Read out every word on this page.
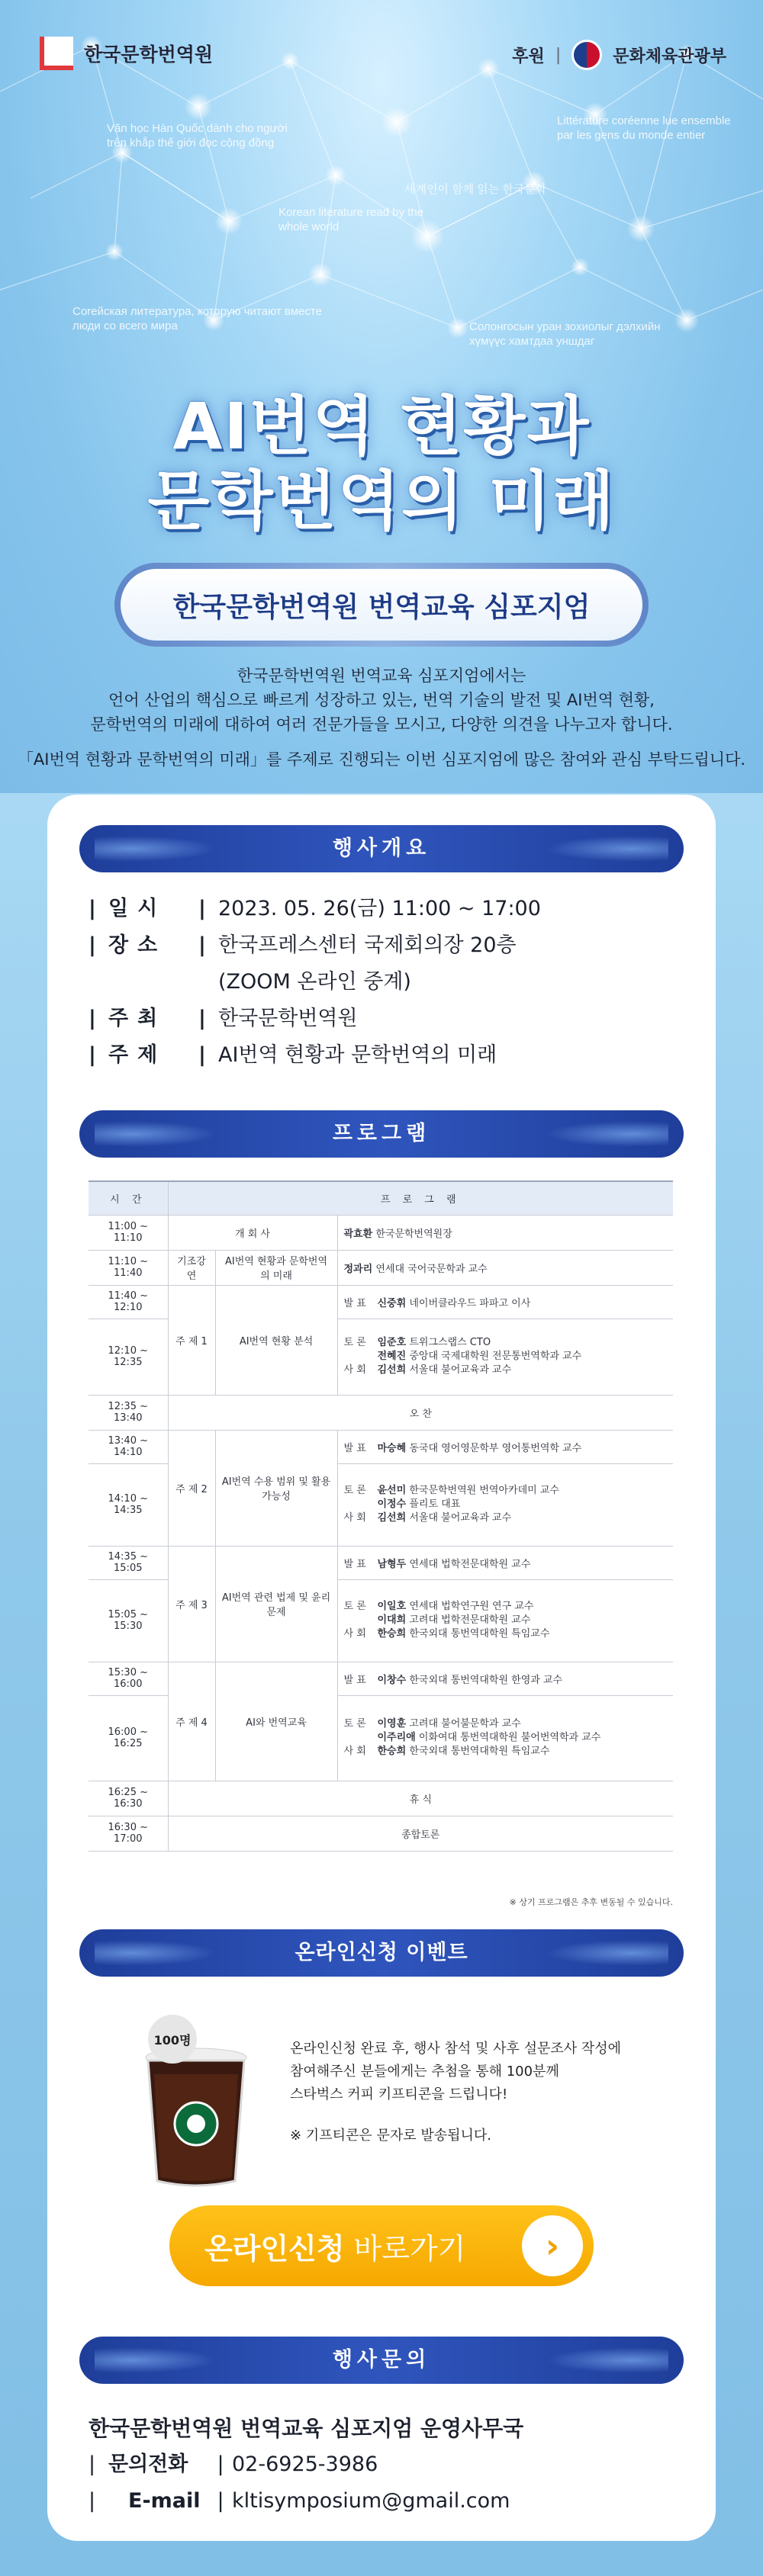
한국문학번역원	후원 |	문화체육관광부
Văn học Hàn Quốc dành cho người trên khắp thế giới đọc cộng đồng
Korean literature read by the whole world
세계인이 함께 읽는 한국문학
Corейская литература, которую читают вместе люди со всего мира
Littérature coréenne lue ensemble par les gens du monde entier
Солонгосын уран зохиолыг дэлхийн хүмүүс хамтдаа уншдаг
AI번역 현황과
문학번역의 미래
한국문학번역원 번역교육 심포지엄

한국문학번역원 번역교육 심포지엄에서는
언어 산업의 핵심으로 빠르게 성장하고 있는, 번역 기술의 발전 및 AI번역 현황,
문학번역의 미래에 대하여 여러 전문가들을 모시고, 다양한 의견을 나누고자 합니다.

「AI번역 현황과 문학번역의 미래」를 주제로 진행되는 이번 심포지엄에 많은 참여와 관심 부탁드립니다.

행사개요
| 일시	| 2023. 05. 26(금) 11:00 ~ 17:00
| 장소	| 한국프레스센터 국제회의장 20층
(ZOOM 온라인 중계)
| 주최	| 한국문학번역원
| 주제	| AI번역 현황과 문학번역의 미래
프로그램
시 간	프 로 그 램		
11:00 ~ 11:10	개 회 사		곽효환 한국문학번역원장
11:10 ~ 11:40	기조강연	AI번역 현황과 문학번역의 미래	정과리 연세대 국어국문학과 교수
11:40 ~ 12:10	주 제 1	AI번역 현황 분석	발 표 신중휘 네이버클라우드 파파고 이사
12:10 ~ 12:35			토 론 임준호 트위그스랩스 CTO
전혜진 중앙대 국제대학원 전문통번역학과 교수
사 회 김선희 서울대 불어교육과 교수

12:35 ~ 13:40	오 찬		
13:40 ~ 14:10	주 제 2	AI번역 수용 범위 및 활용 가능성	발 표 마승혜 동국대 영어영문학부 영어통번역학 교수
14:10 ~ 14:35			토 론 윤선미 한국문학번역원 번역아카데미 교수
이정수 플리토 대표
사 회 김선희 서울대 불어교육과 교수

14:35 ~ 15:05	주 제 3	AI번역 관련 법제 및 윤리 문제	발 표 남형두 연세대 법학전문대학원 교수
15:05 ~ 15:30			토 론 이일호 연세대 법학연구원 연구 교수
이대희 고려대 법학전문대학원 교수
사 회 한승희 한국외대 통번역대학원 특임교수

15:30 ~ 16:00	주 제 4	AI와 번역교육	발 표 이창수 한국외대 통번역대학원 한영과 교수
16:00 ~ 16:25			토 론 이영훈 고려대 불어불문학과 교수
이주리애 이화여대 통번역대학원 불어번역학과 교수
사 회 한승희 한국외대 통번역대학원 특임교수

16:25 ~ 16:30	휴 식		
16:30 ~ 17:00	종합토론		
※ 상기 프로그램은 추후 변동될 수 있습니다.
온라인신청 이벤트
100명
온라인신청 완료 후, 행사 참석 및 사후 설문조사 작성에
참여해주신 분들에게는 추첨을 통해 100분께
스타벅스 커피 키프티콘을 드립니다!
※ 기프티콘은 문자로 발송됩니다.
온라인신청 바로가기	›
행사문의
한국문학번역원 번역교육 심포지엄 운영사무국
| 문의전화	| 02-6925-3986
|	E-mail | kltisymposium@gmail.com
